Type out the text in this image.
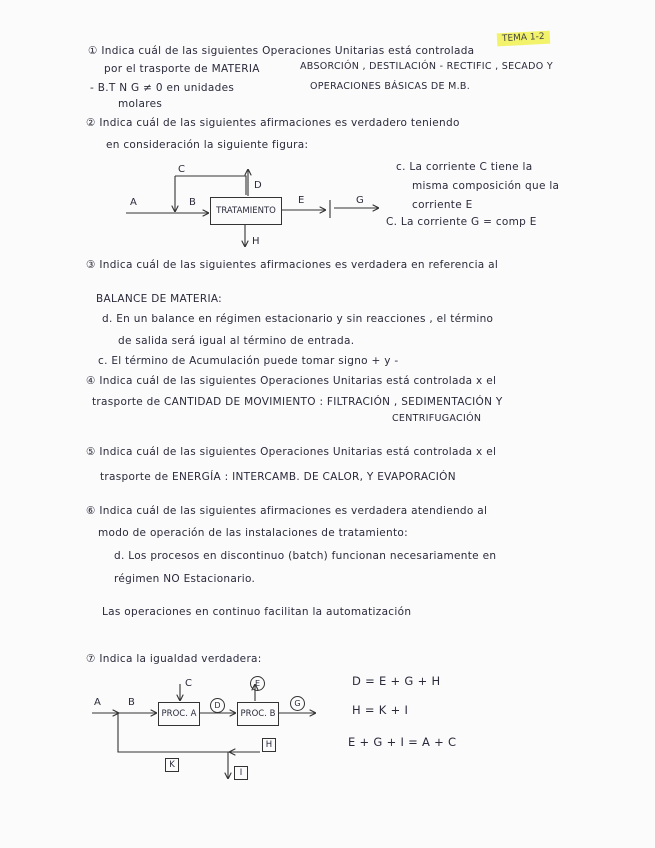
TEMA 1-2
① Indica cuál de las siguientes Operaciones Unitarias está controlada
por el trasporte de MATERIA	ABSORCIÓN , DESTILACIÓN - RECTIFIC , SECADO Y
- B.T N G ≠ 0 en unidades	OPERACIONES BÁSICAS DE M.B.
molares
② Indica cuál de las siguientes afirmaciones es verdadero teniendo
en consideración la siguiente figura:
c. La corriente C tiene la
misma composición que la
corriente E
C. La corriente G = comp E
TRATAMIENTO
A	B
C
D
E	G
H
③ Indica cuál de las siguientes afirmaciones es verdadera en referencia al
BALANCE DE MATERIA:
d. En un balance en régimen estacionario y sin reacciones , el término
de salida será igual al término de entrada.
c. El término de Acumulación puede tomar signo + y -
④ Indica cuál de las siguientes Operaciones Unitarias está controlada x el
trasporte de CANTIDAD DE MOVIMIENTO : FILTRACIÓN , SEDIMENTACIÓN Y
CENTRIFUGACIÓN
⑤ Indica cuál de las siguientes Operaciones Unitarias está controlada x el
trasporte de ENERGÍA : INTERCAMB. DE CALOR, Y EVAPORACIÓN
⑥ Indica cuál de las siguientes afirmaciones es verdadera atendiendo al
modo de operación de las instalaciones de tratamiento:
d. Los procesos en discontinuo (batch) funcionan necesariamente en
régimen NO Estacionario.
Las operaciones en continuo facilitan la automatización
⑦ Indica la igualdad verdadera:
D = E + G + H
H = K + I
E + G + I = A + C
PROC. A	PROC. B
A	B
C
D
E
G
H
K
I
